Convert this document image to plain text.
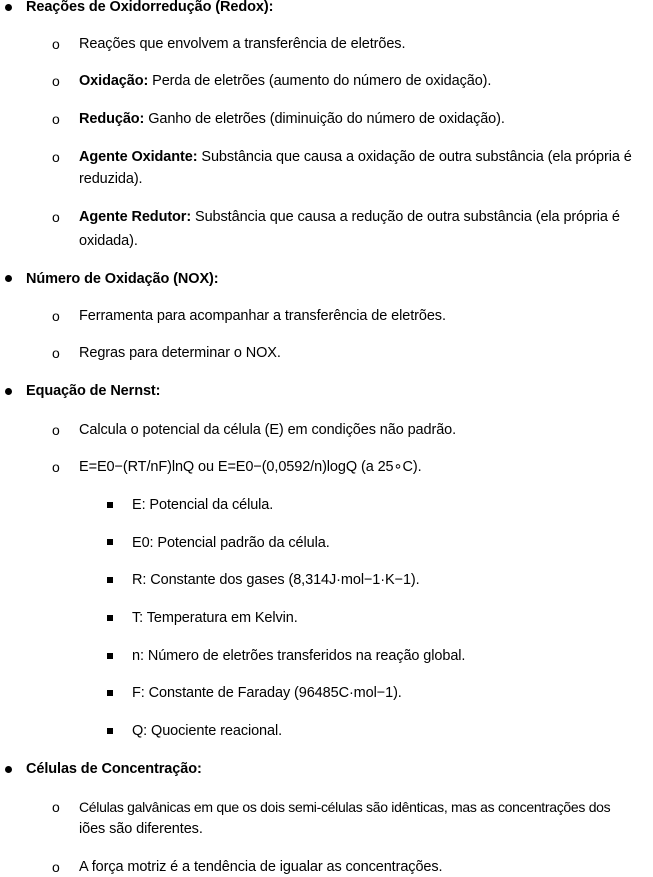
Reações de Oxidorredução (Redox):
o Reações que envolvem a transferência de eletrões.
o Oxidação: Perda de eletrões (aumento do número de oxidação).
o Redução: Ganho de eletrões (diminuição do número de oxidação).
o Agente Oxidante: Substância que causa a oxidação de outra substância (ela própria é
reduzida).
o Agente Redutor: Substância que causa a redução de outra substância (ela própria é
oxidada).
Número de Oxidação (NOX):
o Ferramenta para acompanhar a transferência de eletrões.
o Regras para determinar o NOX.
Equação de Nernst:
o Calcula o potencial da célula (E) em condições não padrão.
o E=E0−(RT/nF)lnQ ou E=E0−(0,0592/n)logQ (a 25∘C).
E: Potencial da célula.
E0: Potencial padrão da célula.
R: Constante dos gases (8,314J·mol−1·K−1).
T: Temperatura em Kelvin.
n: Número de eletrões transferidos na reação global.
F: Constante de Faraday (96485C·mol−1).
Q: Quociente reacional.
Células de Concentração:
o Células galvânicas em que os dois semi-células são idênticas, mas as concentrações dos
iões são diferentes.
o A força motriz é a tendência de igualar as concentrações.
